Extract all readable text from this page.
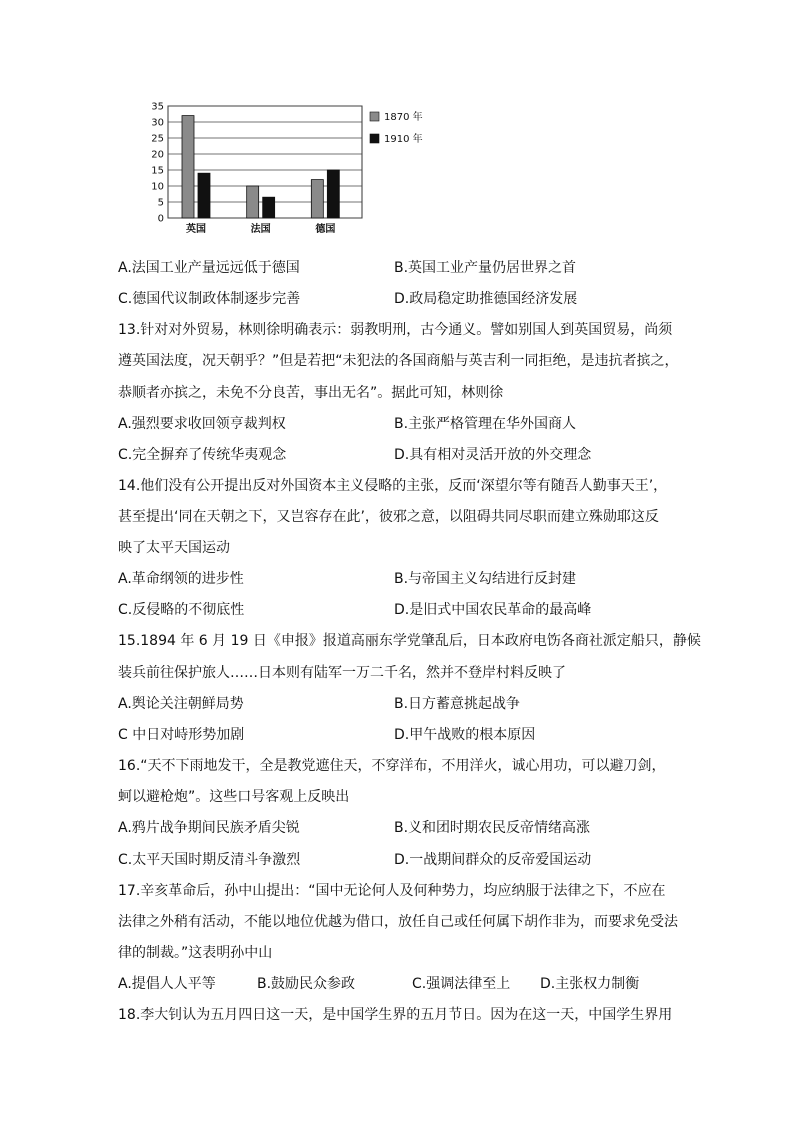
0
5
10
15
20
25
30
35
英国	法国	德国
1870 年
1910 年
A.法国工业产量远远低于德国	B.英国工业产量仍居世界之首
C.德国代议制政体制逐步完善	D.政局稳定助推德国经济发展
13.针对对外贸易，林则徐明确表示：弱教明刑，古今通义。譬如别国人到英国贸易，尚须
遵英国法度，况天朝乎？”但是若把“未犯法的各国商船与英吉利一同拒绝，是违抗者摈之，
恭顺者亦摈之，未免不分良苦，事出无名”。据此可知，林则徐
A.强烈要求收回领亨裁判权	B.主张严格管理在华外国商人
C.完全摒弃了传统华夷观念	D.具有相对灵活开放的外交理念
14.他们没有公开提出反对外国资本主义侵略的主张，反而‘深望尔等有随吾人勤事天王’，
甚至提出‘同在天朝之下，又岂容存在此’，彼邪之意，以阻碍共同尽职而建立殊勋耶这反
映了太平天国运动
A.革命纲领的进步性	B.与帝国主义勾结进行反封建
C.反侵略的不彻底性	D.是旧式中国农民革命的最高峰
15.1894 年 6 月 19 日《申报》报道高丽东学党肇乱后，日本政府电饬各商社派定船只，静候
装兵前往保护旅人……日本则有陆军一万二千名，然并不登岸村料反映了
A.舆论关注朝鲜局势	B.日方蓄意挑起战争
C 中日对峙形势加剧	D.甲午战败的根本原因
16.“天不下雨地发干，全是教党遮住天，不穿洋布，不用洋火，诚心用功，可以避刀剑，
蚵以避枪炮”。这些口号客观上反映出
A.鸦片战争期间民族矛盾尖锐	B.义和团时期农民反帝情绪高涨
C.太平天国时期反清斗争激烈	D.一战期间群众的反帝爱国运动
17.辛亥革命后，孙中山提出：“国中无论何人及何种势力，均应纳服于法律之下，不应在
法律之外稍有活动，不能以地位优越为借口，放任自己或任何属下胡作非为，而要求免受法
律的制裁。”这表明孙中山
A.提倡人人平等	B.鼓励民众参政	C.强调法律至上 D.主张权力制衡
18.李大钊认为五月四日这一天，是中国学生界的五月节日。因为在这一天，中国学生界用
